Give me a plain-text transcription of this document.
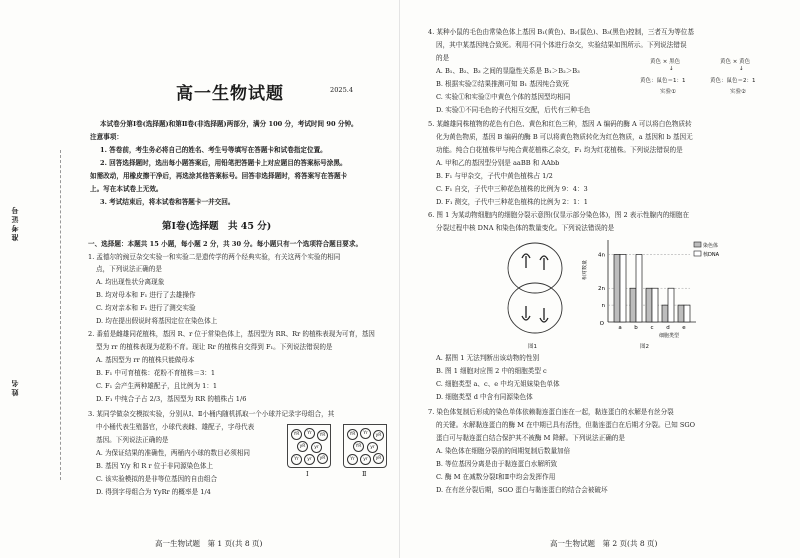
准考证号
姓名
高一生物试题	2025.4
本试卷分第Ⅰ卷(选择题)和第Ⅱ卷(非选择题)两部分，满分 100 分，考试时间 90 分钟。
注意事项：
1. 答卷前，考生务必将自己的姓名、考生号等填写在答题卡和试卷指定位置。
2. 回答选择题时，选出每小题答案后，用铅笔把答题卡上对应题目的答案标号涂黑。
如需改动，用橡皮擦干净后，再选涂其他答案标号。回答非选择题时，将答案写在答题卡
上。写在本试卷上无效。
3. 考试结束后，将本试卷和答题卡一并交回。
第Ⅰ卷(选择题　共 45 分)
一、选择题：本题共 15 小题，每小题 2 分，共 30 分。每小题只有一个选项符合题目要求。
1. 孟德尔的豌豆杂交实验一和实验二是遗传学的两个经典实验，有关这两个实验的相同
点，下列说法正确的是
A. 均出现性状分离现象
B. 均对母本和 F₁ 进行了去雄操作
C. 均对亲本和 F₁ 进行了测交实验
D. 均在提出假说时将基因定位在染色体上
2. 番茄是雌雄同花植株，基因 R、r 位于常染色体上，基因型为 RR、Rr 的植株表现为可育，基因
型为 rr 的植株表现为花粉不育。现让 Rr 的植株自交得到 F₁。下列说法错误的是
A. 基因型为 rr 的植株只能做母本
B. F₁ 中可育植株：花粉不育植株＝3：1
C. F₁ 会产生两种雄配子，且比例为 1：1
D. F₁ 中纯合子占 2/3，基因型为 RR 的植株占 1/6
3. 某同学做杂交模拟实验，分别从Ⅰ、Ⅱ小桶内随机抓取一个小球并记录字母组合，其
中小桶代表生殖器官，小球代表雌、雄配子，字母代表
基因。下列说法正确的是
A. 为保证结果的准确性，两桶内小球的数目必须相同
B. 基因 Y/y 和 R r 位于非同源染色体上
C. 该实验模拟的是非等位基因的自由组合
D. 得到字母组合为 YyRr 的概率是 1/4
YR	Yr	YR
yR	yr
Yr	yr	yR
Ⅰ
YR	Yr	yR
YR	yr
Yr	yr	yR
Ⅱ
高一生物试题　第 1 页(共 8 页)
4. 某种小鼠的毛色由常染色体上基因 B₁(黄色)、B₂(鼠色)、B₃(黑色)控制，三者互为等位基
因，其中某基因纯合致死。利用不同个体进行杂交，实验结果如图所示。下列说法错误
的是
A. B₁、B₂、B₃ 之间的显隐性关系是 B₁＞B₂＞B₃
B. 根据实验②结果推测可知 B₁ 基因纯合致死
C. 实验①和实验②中黄色个体的基因型均相同
D. 实验①不同毛色的子代相互交配，后代有三种毛色
黄色 × 黑色
↓
黄色：鼠色＝1：1
实验①
黄色 × 黄色
↓
黄色：鼠色＝2：1
实验②
5. 某雌雄同株植物的花色有白色、黄色和红色三种，基因 A 编码的酶 A 可以将白色物质转
化为黄色物质，基因 B 编码的酶 B 可以将黄色物质转化为红色物质，a 基因和 b 基因无
功能。纯合白花植株甲与纯合黄花植株乙杂交，F₁ 均为红花植株。下列说法错误的是
A. 甲和乙的基因型分别是 aaBB 和 AAbb
B. F₁ 与甲杂交，子代中黄色植株占 1/2
C. F₁ 自交，子代中三种花色植株的比例为 9：4：3
D. F₁ 测交，子代中三种花色植株的比例为 2：1：1
6. 图 1 为某动物细胞内的细胞分裂示意图(仅显示部分染色体)，图 2 表示性腺内的细胞在
分裂过程中核 DNA 和染色体的数量变化。下列说法错误的是
图1
n
2n
4n
O
相对数量
a b c d e
细胞类型
染色体
核DNA
图2
A. 据图 1 无法判断出该动物的性别
B. 图 1 细胞对应图 2 中的细胞类型 c
C. 细胞类型 a、c、e 中均无姐妹染色单体
D. 细胞类型 d 中含有同源染色体
7. 染色体复制后形成的染色单体依赖黏连蛋白连在一起，黏连蛋白的水解是有丝分裂
的关键。水解黏连蛋白的酶 M 在中期已具有活性，但黏连蛋白在后期才分裂。已知 SGO
蛋白可与黏连蛋白结合保护其不被酶 M 降解。下列说法正确的是
A. 染色体在细胞分裂前的间期复制后数量加倍
B. 等位基因分离是由于黏连蛋白水解所致
C. 酶 M 在减数分裂Ⅰ和Ⅱ中均会发挥作用
D. 在有丝分裂后期，SGO 蛋白与黏连蛋白的结合会被破坏
高一生物试题　第 2 页(共 8 页)
